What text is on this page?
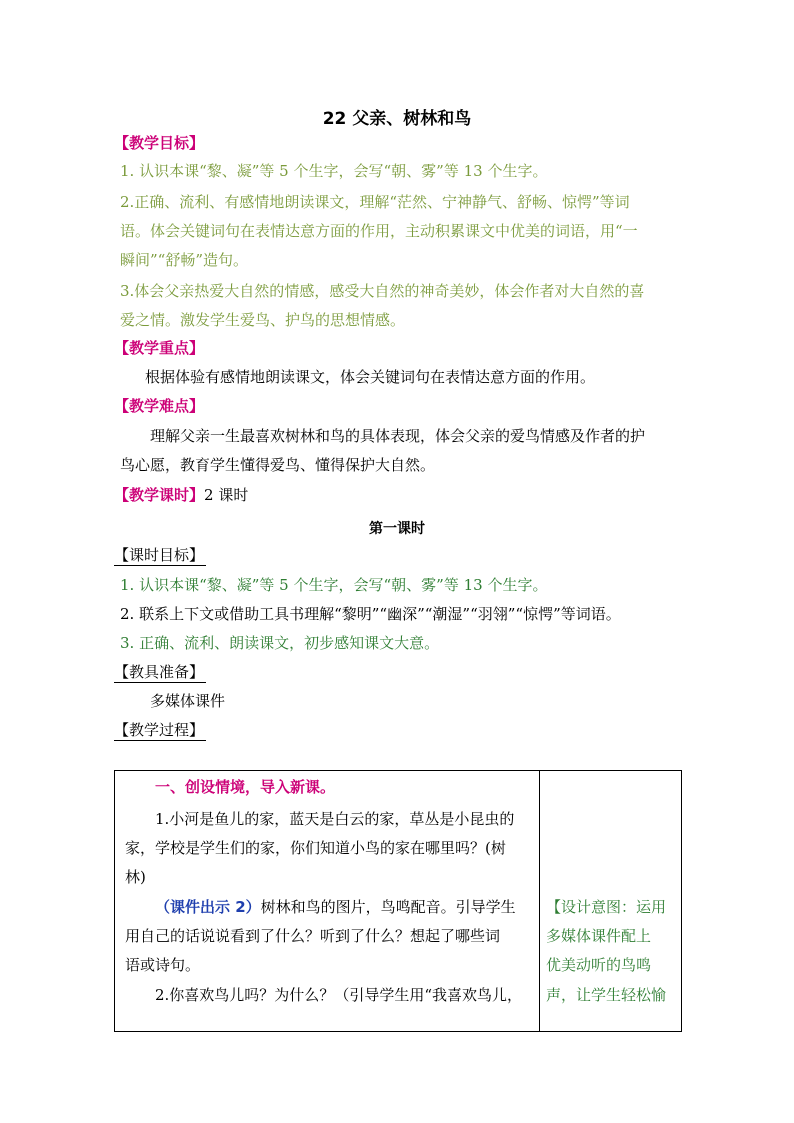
22 父亲、树林和鸟
【教学目标】
1. 认识本课“黎、凝”等 5 个生字，会写“朝、雾”等 13 个生字。
2.正确、流利、有感情地朗读课文，理解“茫然、宁神静气、舒畅、惊愕”等词
语。体会关键词句在表情达意方面的作用，主动积累课文中优美的词语，用“一
瞬间”“舒畅”造句。
3.体会父亲热爱大自然的情感，感受大自然的神奇美妙，体会作者对大自然的喜
爱之情。激发学生爱鸟、护鸟的思想情感。
【教学重点】
根据体验有感情地朗读课文，体会关键词句在表情达意方面的作用。
【教学难点】
理解父亲一生最喜欢树林和鸟的具体表现，体会父亲的爱鸟情感及作者的护
鸟心愿，教育学生懂得爱鸟、懂得保护大自然。
【教学课时】2 课时
第一课时
【课时目标】
1. 认识本课“黎、凝”等 5 个生字，会写“朝、雾”等 13 个生字。
2. 联系上下文或借助工具书理解“黎明”“幽深”“潮湿”“羽翎”“惊愕”等词语。
3. 正确、流利、朗读课文，初步感知课文大意。
【教具准备】
多媒体课件
【教学过程】
一、创设情境，导入新课。
1.小河是鱼儿的家，蓝天是白云的家，草丛是小昆虫的
家，学校是学生们的家，你们知道小鸟的家在哪里吗？(树
林)
（课件出示 2）树林和鸟的图片，鸟鸣配音。引导学生
用自己的话说说看到了什么？听到了什么？想起了哪些词
语或诗句。
2.你喜欢鸟儿吗？为什么？（引导学生用“我喜欢鸟儿，

【设计意图：运用
多媒体课件配上
优美动听的鸟鸣
声，让学生轻松愉
